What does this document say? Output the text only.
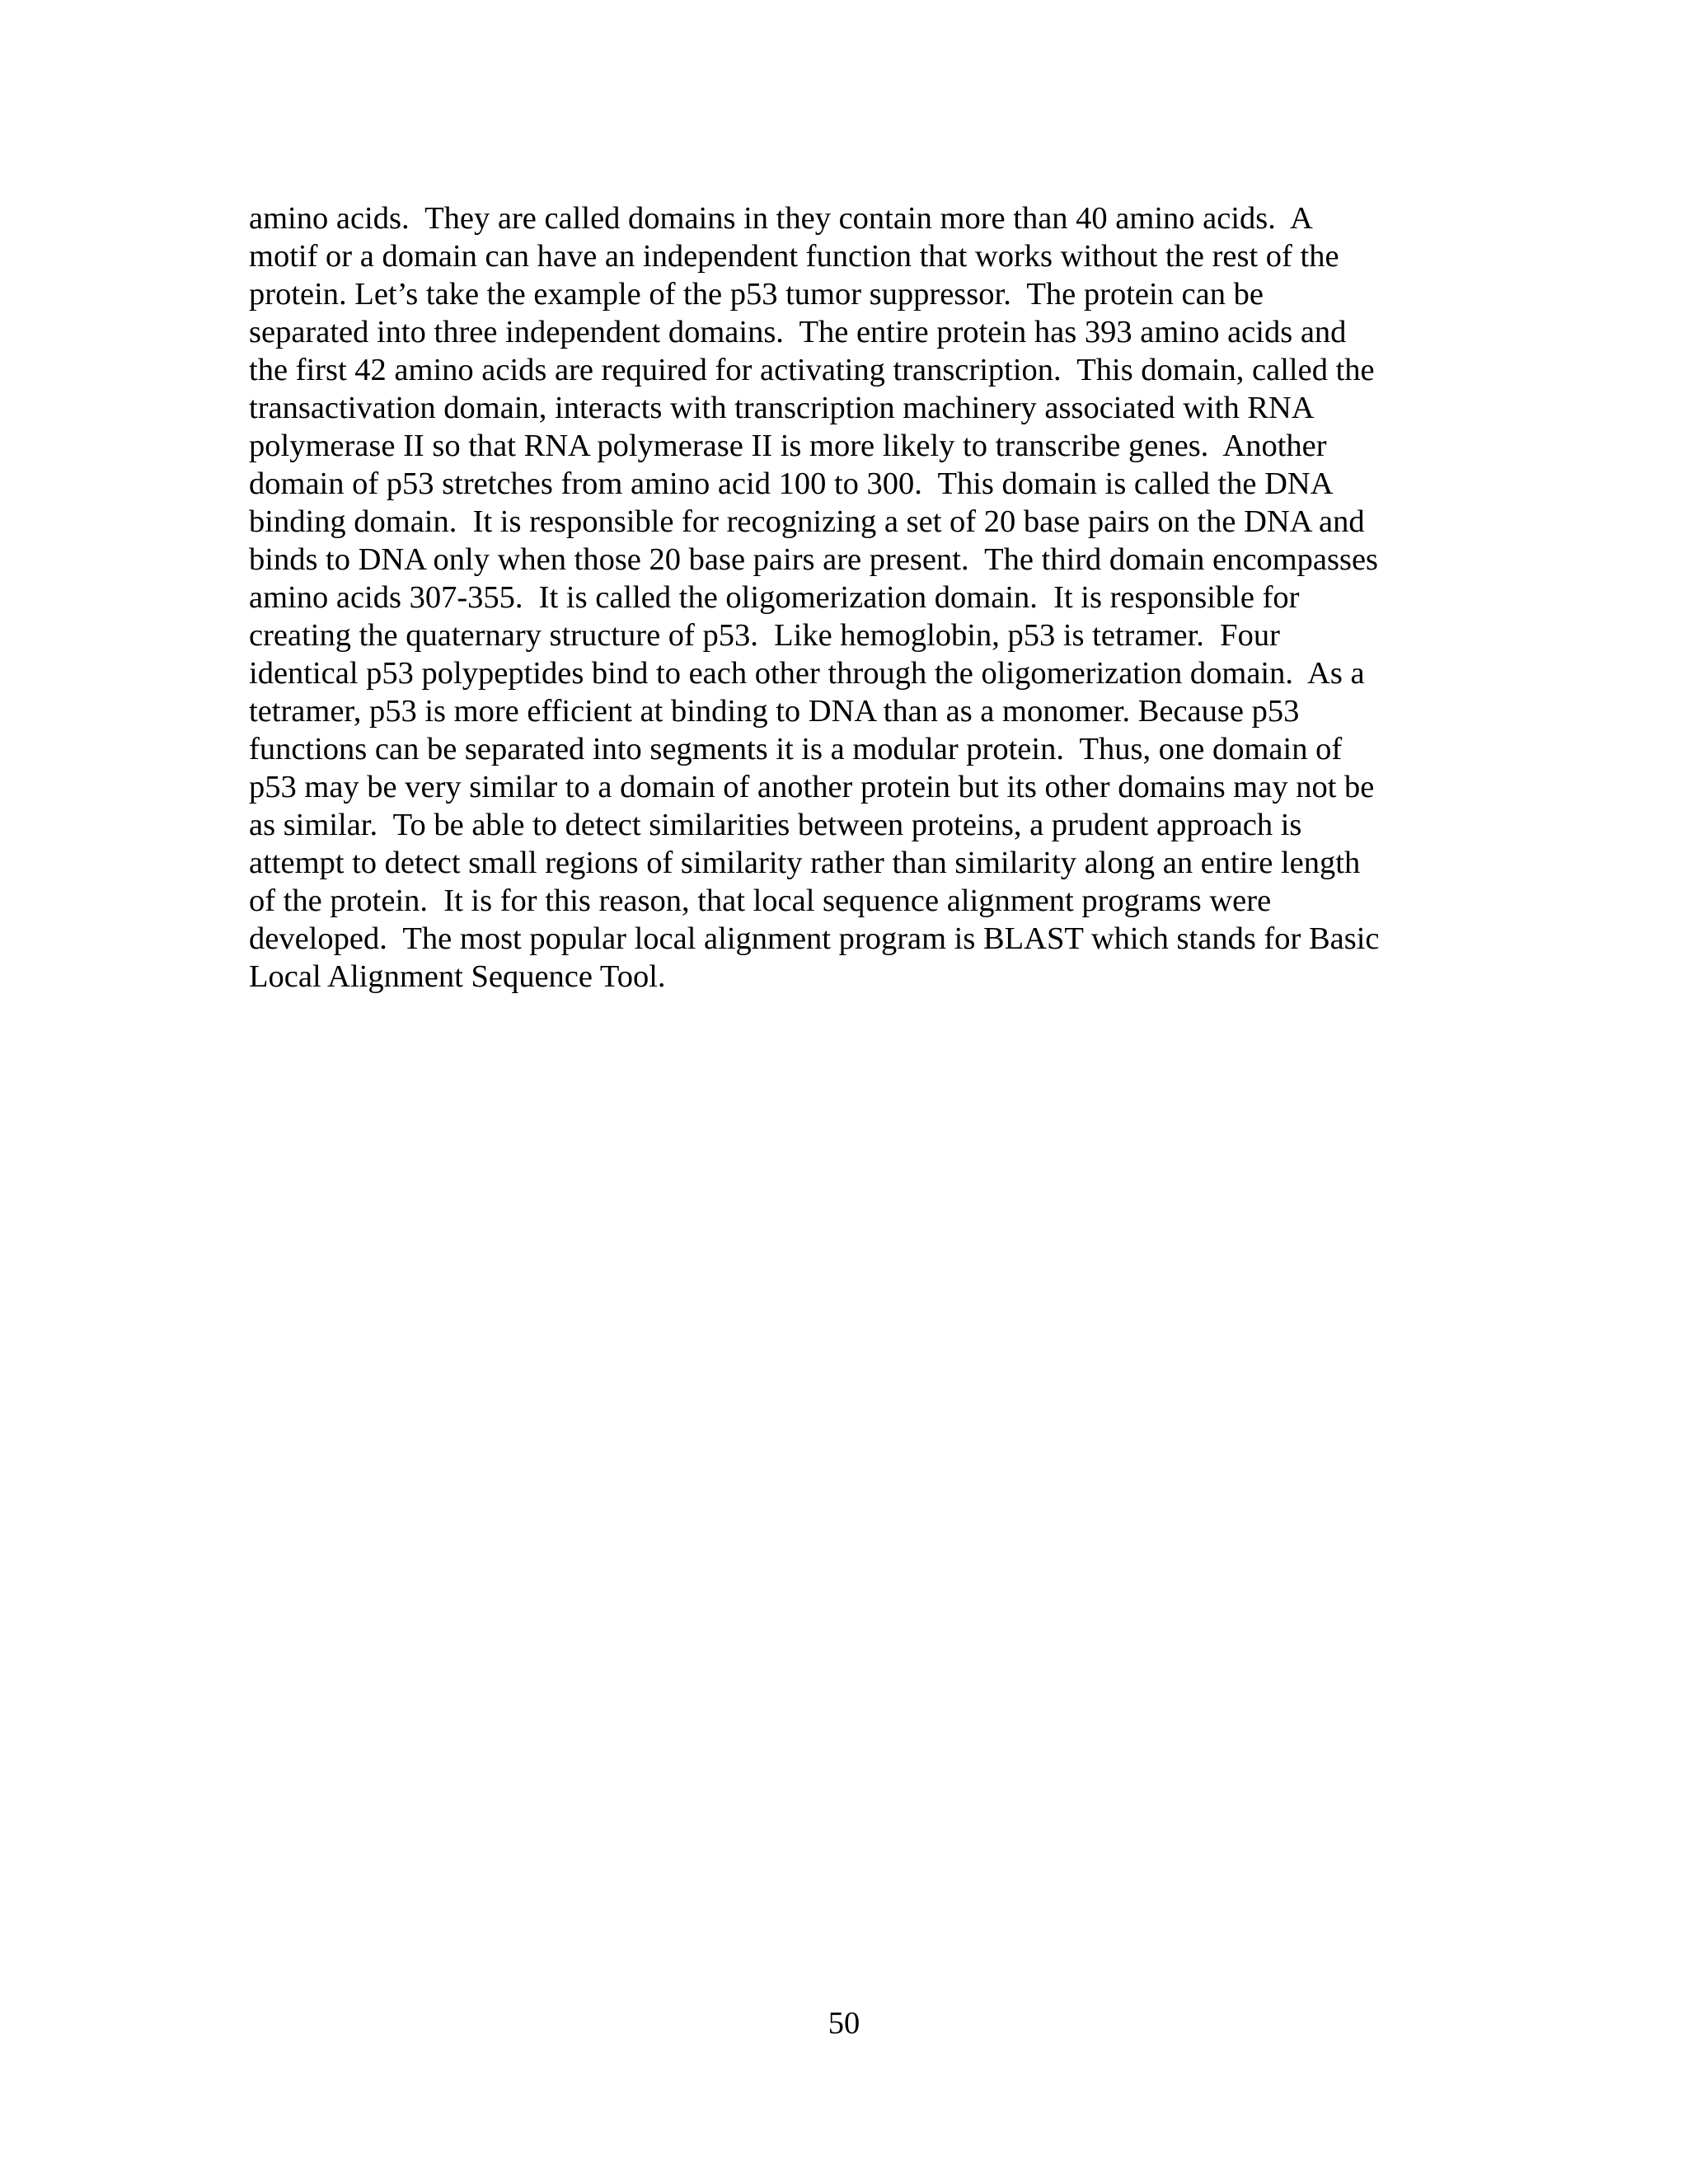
amino acids.  They are called domains in they contain more than 40 amino acids.  A
motif or a domain can have an independent function that works without the rest of the
protein. Let’s take the example of the p53 tumor suppressor.  The protein can be
separated into three independent domains.  The entire protein has 393 amino acids and
the first 42 amino acids are required for activating transcription.  This domain, called the
transactivation domain, interacts with transcription machinery associated with RNA
polymerase II so that RNA polymerase II is more likely to transcribe genes.  Another
domain of p53 stretches from amino acid 100 to 300.  This domain is called the DNA
binding domain.  It is responsible for recognizing a set of 20 base pairs on the DNA and
binds to DNA only when those 20 base pairs are present.  The third domain encompasses
amino acids 307-355.  It is called the oligomerization domain.  It is responsible for
creating the quaternary structure of p53.  Like hemoglobin, p53 is tetramer.  Four
identical p53 polypeptides bind to each other through the oligomerization domain.  As a
tetramer, p53 is more efficient at binding to DNA than as a monomer. Because p53
functions can be separated into segments it is a modular protein.  Thus, one domain of
p53 may be very similar to a domain of another protein but its other domains may not be
as similar.  To be able to detect similarities between proteins, a prudent approach is
attempt to detect small regions of similarity rather than similarity along an entire length
of the protein.  It is for this reason, that local sequence alignment programs were
developed.  The most popular local alignment program is BLAST which stands for Basic
Local Alignment Sequence Tool.
50
